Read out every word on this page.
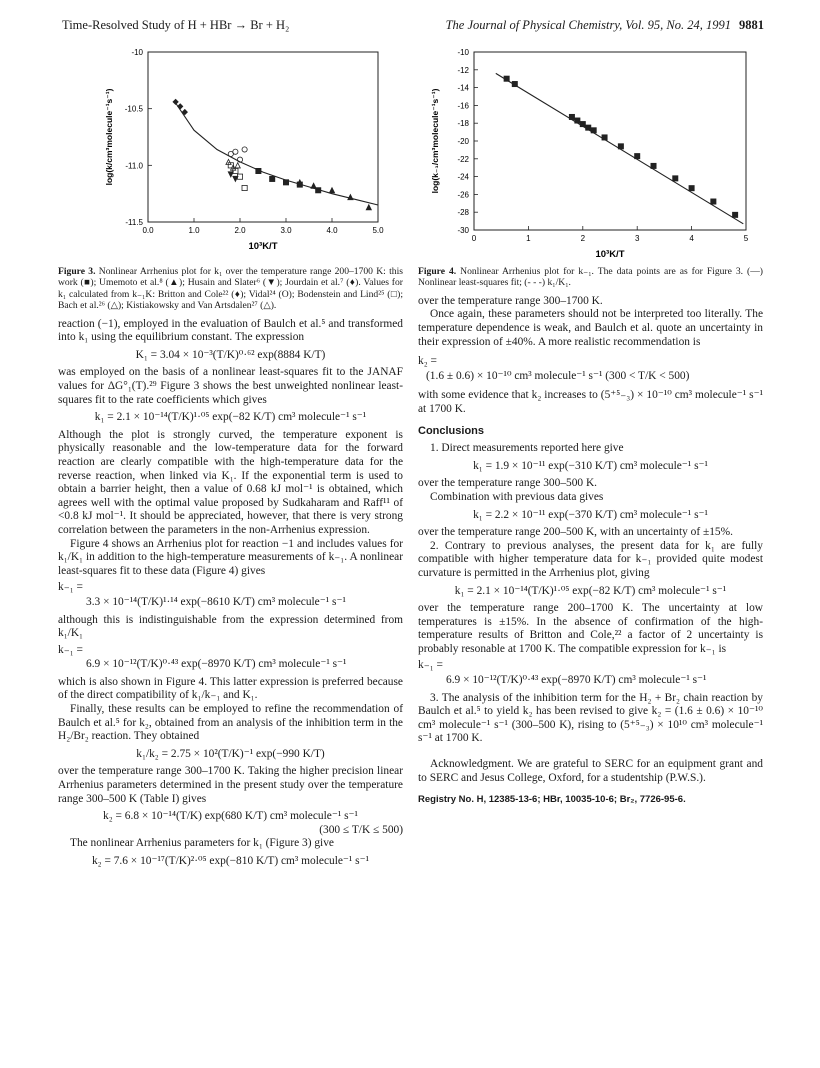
Time-Resolved Study of H + HBr → Br + H₂	The Journal of Physical Chemistry, Vol. 95, No. 24, 1991 9881
0.0	1.0	2.0	3.0	4.0	5.0
-10
-10.5
-11.0
-11.5
10³K/T
log(k/cm³molecule⁻¹s⁻¹)
Figure 3. Nonlinear Arrhenius plot for k₁ over the temperature range 200–1700 K: this work (■); Umemoto et al.⁸ (▲); Husain and Slater⁶ (▼); Jourdain et al.⁷ (♦). Values for k₁ calculated from k₋₁K: Britton and Cole²² (♦); Vidal²⁴ (O); Bodenstein and Lind²⁵ (□); Bach et al.²⁶ (△); Kistiakowsky and Van Artsdalen²⁷ (△).

reaction (−1), employed in the evaluation of Baulch et al.⁵ and transformed into k₁ using the equilibrium constant. The expression

K₁ = 3.04 × 10⁻³(T/K)⁰·⁶² exp(8884 K/T)

was employed on the basis of a nonlinear least-squares fit to the JANAF values for ΔG°₁(T).²⁹ Figure 3 shows the best unweighted nonlinear least-squares fit to the rate coefficients which gives

k₁ = 2.1 × 10⁻¹⁴(T/K)¹·⁰⁵ exp(−82 K/T) cm³ molecule⁻¹ s⁻¹

Although the plot is strongly curved, the temperature exponent is physically reasonable and the low-temperature data for the forward reaction are clearly compatible with the high-temperature data for the reverse reaction, when linked via K₁. If the exponential term is used to obtain a barrier height, then a value of 0.68 kJ mol⁻¹ is obtained, which agrees well with the optimal value proposed by Sudkaharam and Raff¹¹ of <0.8 kJ mol⁻¹. It should be appreciated, however, that there is very strong correlation between the parameters in the non-Arrhenius expression.

Figure 4 shows an Arrhenius plot for reaction −1 and includes values for k₁/K₁ in addition to the high-temperature measurements of k₋₁. A nonlinear least-squares fit to these data (Figure 4) gives

k₋₁ =
3.3 × 10⁻¹⁴(T/K)¹·¹⁴ exp(−8610 K/T) cm³ molecule⁻¹ s⁻¹

although this is indistinguishable from the expression determined from k₁/K₁

k₋₁ =
6.9 × 10⁻¹²(T/K)⁰·⁴³ exp(−8970 K/T) cm³ molecule⁻¹ s⁻¹

which is also shown in Figure 4. This latter expression is preferred because of the direct compatibility of k₁/k₋₁ and K₁.

Finally, these results can be employed to refine the recommendation of Baulch et al.⁵ for k₂, obtained from an analysis of the inhibition term in the H₂/Br₂ reaction. They obtained

k₁/k₂ = 2.75 × 10²(T/K)⁻¹ exp(−990 K/T)

over the temperature range 300–1700 K. Taking the higher precision linear Arrhenius parameters determined in the present study over the temperature range 300–500 K (Table I) gives

k₂ = 6.8 × 10⁻¹⁴(T/K) exp(680 K/T) cm³ molecule⁻¹ s⁻¹
(300 ≤ T/K ≤ 500)

The nonlinear Arrhenius parameters for k₁ (Figure 3) give

k₂ = 7.6 × 10⁻¹⁷(T/K)²·⁰⁵ exp(−810 K/T) cm³ molecule⁻¹ s⁻¹
0	1	2	3	4	5
-10
-12
-14
-16
-18
-20
-22
-24
-26
-28
-30
10³K/T
log(k₋₁/cm³molecule⁻¹s⁻¹)
Figure 4. Nonlinear Arrhenius plot for k₋₁. The data points are as for Figure 3. (—) Nonlinear least-squares fit; (- - -) k₁/K₁.

over the temperature range 300–1700 K.

Once again, these parameters should not be interpreted too literally. The temperature dependence is weak, and Baulch et al. quote an uncertainty in their expression of ±40%. A more realistic recommendation is

k₂ =
(1.6 ± 0.6) × 10⁻¹⁰ cm³ molecule⁻¹ s⁻¹ (300 < T/K < 500)

with some evidence that k₂ increases to (5⁺⁵₋₃) × 10⁻¹⁰ cm³ molecule⁻¹ s⁻¹ at 1700 K.

Conclusions

1. Direct measurements reported here give

k₁ = 1.9 × 10⁻¹¹ exp(−310 K/T) cm³ molecule⁻¹ s⁻¹

over the temperature range 300–500 K.

Combination with previous data gives

k₁ = 2.2 × 10⁻¹¹ exp(−370 K/T) cm³ molecule⁻¹ s⁻¹

over the temperature range 200–500 K, with an uncertainty of ±15%.

2. Contrary to previous analyses, the present data for k₁ are fully compatible with higher temperature data for k₋₁ provided quite modest curvature is permitted in the Arrhenius plot, giving

k₁ = 2.1 × 10⁻¹⁴(T/K)¹·⁰⁵ exp(−82 K/T) cm³ molecule⁻¹ s⁻¹

over the temperature range 200–1700 K. The uncertainty at low temperatures is ±15%. In the absence of confirmation of the high-temperature results of Britton and Cole,²² a factor of 2 uncertainty is probably resonable at 1700 K. The compatible expression for k₋₁ is

k₋₁ =
6.9 × 10⁻¹²(T/K)⁰·⁴³ exp(−8970 K/T) cm³ molecule⁻¹ s⁻¹

3. The analysis of the inhibition term for the H₂ + Br₂ chain reaction by Baulch et al.⁵ to yield k₂ has been revised to give k₂ = (1.6 ± 0.6) × 10⁻¹⁰ cm³ molecule⁻¹ s⁻¹ (300–500 K), rising to (5⁺⁵₋₃) × 10¹⁰ cm³ molecule⁻¹ s⁻¹ at 1700 K.

Acknowledgment. We are grateful to SERC for an equipment grant and to SERC and Jesus College, Oxford, for a studentship (P.W.S.).

Registry No. H, 12385-13-6; HBr, 10035-10-6; Br₂, 7726-95-6.
